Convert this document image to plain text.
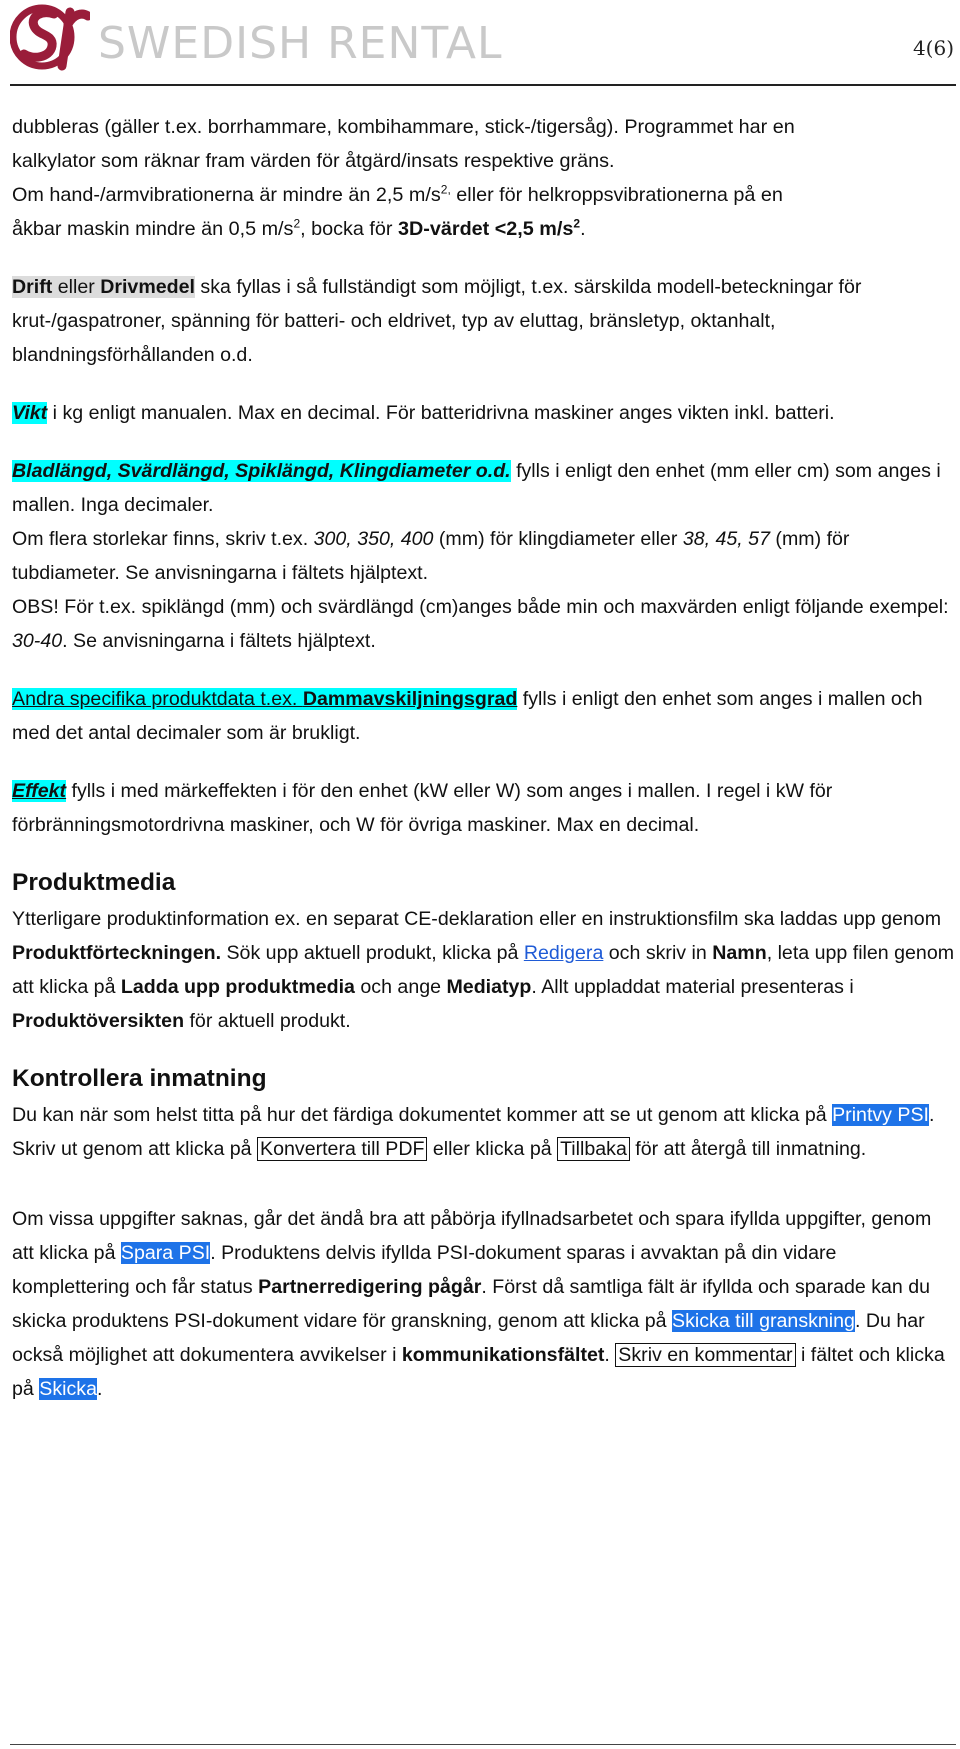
SR
SWEDISH RENTAL	4(6)

dubbleras (gäller t.ex. borrhammare, kombihammare, stick-/tigersåg). Programmet har en
kalkylator som räknar fram värden för åtgärd/insats respektive gräns.
Om hand-/armvibrationerna är mindre än 2,5 $m/s^{2,}$ eller för helkroppsvibrationerna på en
åkbar maskin mindre än 0,5 $m/s^2$, bocka för 3D-värdet <2,5 $m/s^2$.

Drift eller Drivmedel ska fyllas i så fullständigt som möjligt, t.ex. särskilda modell-beteckningar för krut-/gaspatroner, spänning för batteri- och eldrivet, typ av eluttag, bränsletyp, oktanhalt, blandningsförhållanden o.d.

Vikt i kg enligt manualen. Max en decimal. För batteridrivna maskiner anges vikten inkl. batteri.

Bladlängd, Svärdlängd, Spiklängd, Klingdiameter o.d. fylls i enligt den enhet (mm eller cm) som anges i mallen. Inga decimaler.
Om flera storlekar finns, skriv t.ex. 300, 350, 400 (mm) för klingdiameter eller 38, 45, 57 (mm) för tubdiameter. Se anvisningarna i fältets hjälptext.
OBS! För t.ex. spiklängd (mm) och svärdlängd (cm)anges både min och maxvärden enligt följande exempel: 30-40. Se anvisningarna i fältets hjälptext.

Andra specifika produktdata t.ex. Dammavskiljningsgrad fylls i enligt den enhet som anges i mallen och med det antal decimaler som är brukligt.

Effekt fylls i med märkeffekten i för den enhet (kW eller W) som anges i mallen. I regel i kW för förbränningsmotordrivna maskiner, och W för övriga maskiner. Max en decimal.

Produktmedia

Ytterligare produktinformation ex. en separat CE-deklaration eller en instruktionsfilm ska laddas upp genom Produktförteckningen. Sök upp aktuell produkt, klicka på Redigera och skriv in Namn, leta upp filen genom att klicka på Ladda upp produktmedia och ange Mediatyp. Allt uppladdat material presenteras i Produktöversikten för aktuell produkt.

Kontrollera inmatning

Du kan när som helst titta på hur det färdiga dokumentet kommer att se ut genom att klicka på Printvy PSI. Skriv ut genom att klicka på Konvertera till PDF eller klicka på Tillbaka för att återgå till inmatning.

Om vissa uppgifter saknas, går det ändå bra att påbörja ifyllnadsarbetet och spara ifyllda uppgifter, genom att klicka på Spara PSI. Produktens delvis ifyllda PSI-dokument sparas i avvaktan på din vidare komplettering och får status Partnerredigering pågår. Först då samtliga fält är ifyllda och sparade kan du skicka produktens PSI-dokument vidare för granskning, genom att klicka på Skicka till granskning. Du har också möjlighet att dokumentera avvikelser i kommunikationsfältet. Skriv en kommentar i fältet och klicka på Skicka.
